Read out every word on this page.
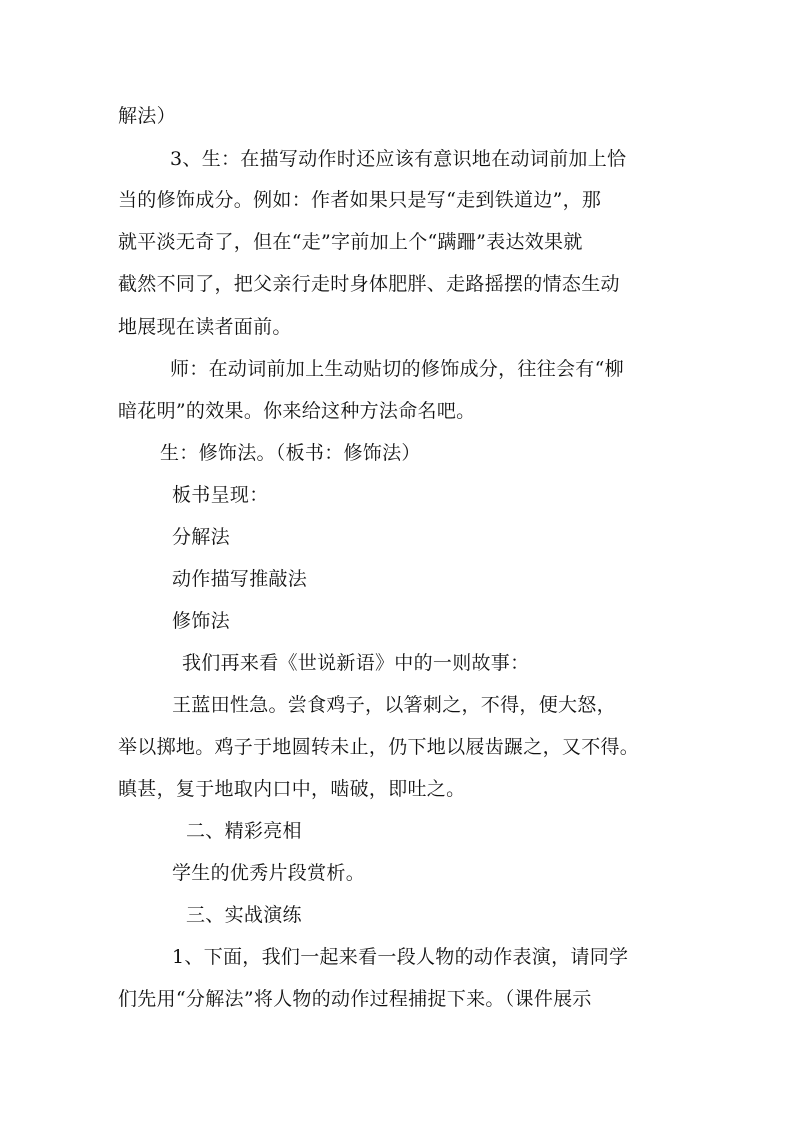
解法）
3、生：在描写动作时还应该有意识地在动词前加上恰
当的修饰成分。例如：作者如果只是写“走到铁道边”，那
就平淡无奇了，但在“走”字前加上个“蹒跚”表达效果就
截然不同了，把父亲行走时身体肥胖、走路摇摆的情态生动
地展现在读者面前。
师：在动词前加上生动贴切的修饰成分，往往会有“柳
暗花明”的效果。你来给这种方法命名吧。
生：修饰法。（板书：修饰法）
板书呈现：
分解法
动作描写推敲法
修饰法
我们再来看《世说新语》中的一则故事：
王蓝田性急。尝食鸡子，以箸刺之，不得，便大怒，
举以掷地。鸡子于地圆转未止，仍下地以屐齿蹍之，又不得。
瞋甚，复于地取内口中，啮破，即吐之。
二、精彩亮相
学生的优秀片段赏析。
三、实战演练
1、下面，我们一起来看一段人物的动作表演，请同学
们先用“分解法”将人物的动作过程捕捉下来。（课件展示
